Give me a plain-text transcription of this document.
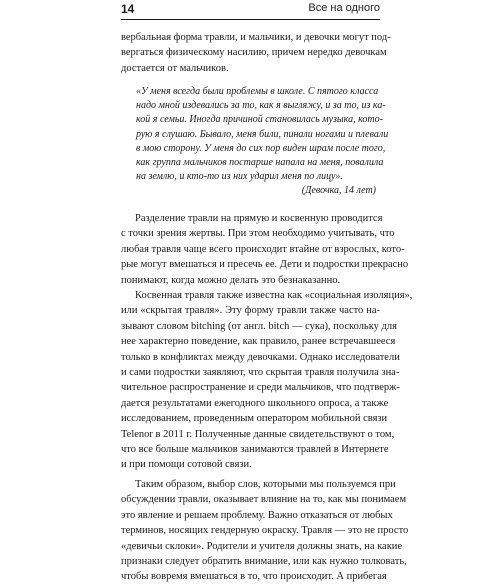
14	Все на одного

вербальная форма травли, и мальчики, и девочки могут под-
вергаться физическому насилию, причем нередко девочкам
достается от мальчиков.

«У меня всегда были проблемы в школе. С пятого класса
надо мной издевались за то, как я выгляжу, и за то, из ка-
кой я семьи. Иногда причиной становилась музыка, кото-
рую я слушаю. Бывало, меня били, пинали ногами и плевали
в мою сторону. У меня до сих пор виден шрам после того,
как группа мальчиков постарше напала на меня, повалила
на землю, и кто-то из них ударил меня по лицу».
(Девочка, 14 лет)

Разделение травли на прямую и косвенную проводится
с точки зрения жертвы. При этом необходимо учитывать, что
любая травля чаще всего происходит втайне от взрослых, кото-
рые могут вмешаться и пресечь ее. Дети и подростки прекрасно
понимают, когда можно делать это безнаказанно.

Косвенная травля также известна как «социальная изоляция»,
или «скрытая травля». Эту форму травли также часто на-
зывают словом bitching (от англ. bitch — сука), поскольку для
нее характерно поведение, как правило, ранее встречавшееся
только в конфликтах между девочками. Однако исследователи
и сами подростки заявляют, что скрытая травля получила зна-
чительное распространение и среди мальчиков, что подтверж-
дается результатами ежегодного школьного опроса, а также
исследованием, проведенным оператором мобильной связи
Telenor в 2011 г. Полученные данные свидетельствуют о том,
что все больше мальчиков занимаются травлей в Интернете
и при помощи сотовой связи.

Таким образом, выбор слов, которыми мы пользуемся при
обсуждении травли, оказывает влияние на то, как мы понимаем
это явление и решаем проблему. Важно отказаться от любых
терминов, носящих гендерную окраску. Травля — это не просто
«девичьи склоки». Родители и учителя должны знать, на какие
признаки следует обратить внимание, или как нужно толковать,
чтобы вовремя вмешаться в то, что происходит. А прибегая
